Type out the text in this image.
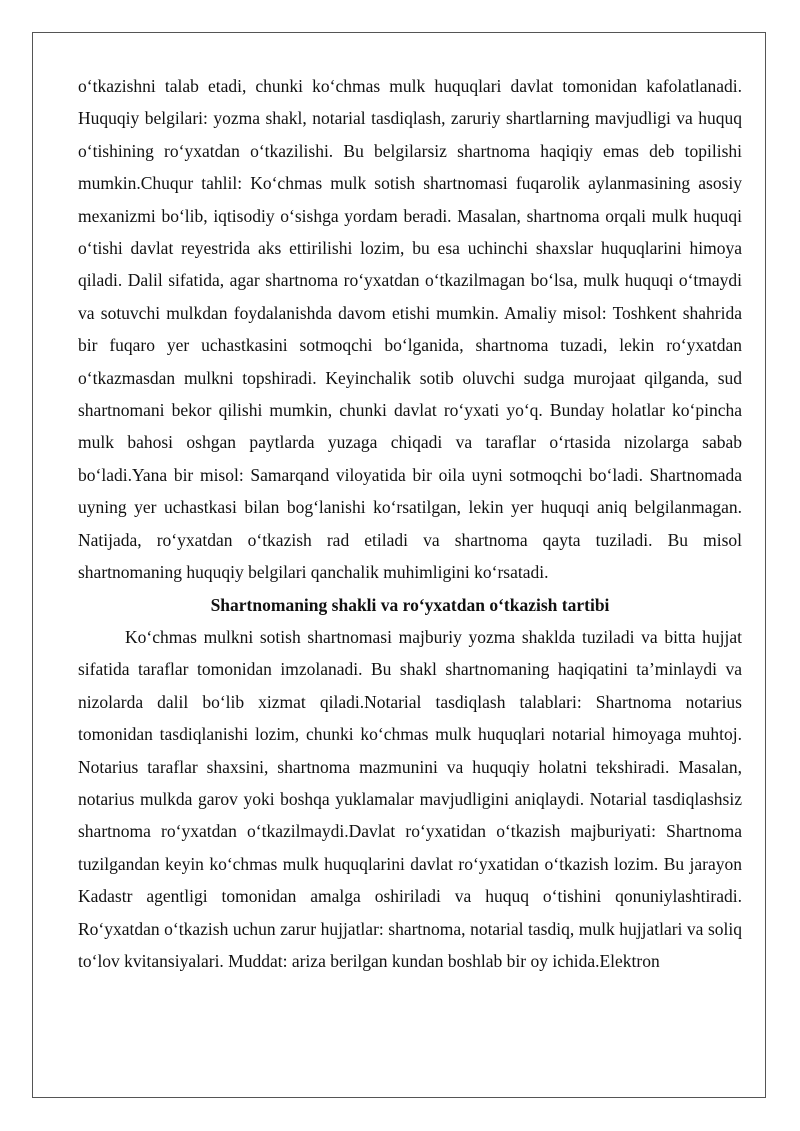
o‘tkazishni talab etadi, chunki ko‘chmas mulk huquqlari davlat tomonidan kafolatlanadi. Huquqiy belgilari: yozma shakl, notarial tasdiqlash, zaruriy shartlarning mavjudligi va huquq o‘tishining ro‘yxatdan o‘tkazilishi. Bu belgilarsiz shartnoma haqiqiy emas deb topilishi mumkin.Chuqur tahlil: Ko‘chmas mulk sotish shartnomasi fuqarolik aylanmasining asosiy mexanizmi bo‘lib, iqtisodiy o‘sishga yordam beradi. Masalan, shartnoma orqali mulk huquqi o‘tishi davlat reyestrida aks ettirilishi lozim, bu esa uchinchi shaxslar huquqlarini himoya qiladi. Dalil sifatida, agar shartnoma ro‘yxatdan o‘tkazilmagan bo‘lsa, mulk huquqi o‘tmaydi va sotuvchi mulkdan foydalanishda davom etishi mumkin. Amaliy misol: Toshkent shahrida bir fuqaro yer uchastkasini sotmoqchi bo‘lganida, shartnoma tuzadi, lekin ro‘yxatdan o‘tkazmasdan mulkni topshiradi. Keyinchalik sotib oluvchi sudga murojaat qilganda, sud shartnomani bekor qilishi mumkin, chunki davlat ro‘yxati yo‘q. Bunday holatlar ko‘pincha mulk bahosi oshgan paytlarda yuzaga chiqadi va taraflar o‘rtasida nizolarga sabab bo‘ladi.Yana bir misol: Samarqand viloyatida bir oila uyni sotmoqchi bo‘ladi. Shartnomada uyning yer uchastkasi bilan bog‘lanishi ko‘rsatilgan, lekin yer huquqi aniq belgilanmagan. Natijada, ro‘yxatdan o‘tkazish rad etiladi va shartnoma qayta tuziladi. Bu misol shartnomaning huquqiy belgilari qanchalik muhimligini ko‘rsatadi.

Shartnomaning shakli va ro‘yxatdan o‘tkazish tartibi

Ko‘chmas mulkni sotish shartnomasi majburiy yozma shaklda tuziladi va bitta hujjat sifatida taraflar tomonidan imzolanadi. Bu shakl shartnomaning haqiqatini ta’minlaydi va nizolarda dalil bo‘lib xizmat qiladi.Notarial tasdiqlash talablari: Shartnoma notarius tomonidan tasdiqlanishi lozim, chunki ko‘chmas mulk huquqlari notarial himoyaga muhtoj. Notarius taraflar shaxsini, shartnoma mazmunini va huquqiy holatni tekshiradi. Masalan, notarius mulkda garov yoki boshqa yuklamalar mavjudligini aniqlaydi. Notarial tasdiqlashsiz shartnoma ro‘yxatdan o‘tkazilmaydi.Davlat ro‘yxatidan o‘tkazish majburiyati: Shartnoma tuzilgandan keyin ko‘chmas mulk huquqlarini davlat ro‘yxatidan o‘tkazish lozim. Bu jarayon Kadastr agentligi tomonidan amalga oshiriladi va huquq o‘tishini qonuniylashtiradi. Ro‘yxatdan o‘tkazish uchun zarur hujjatlar: shartnoma, notarial tasdiq, mulk hujjatlari va soliq to‘lov kvitansiyalari. Muddat: ariza berilgan kundan boshlab bir oy ichida.Elektron
